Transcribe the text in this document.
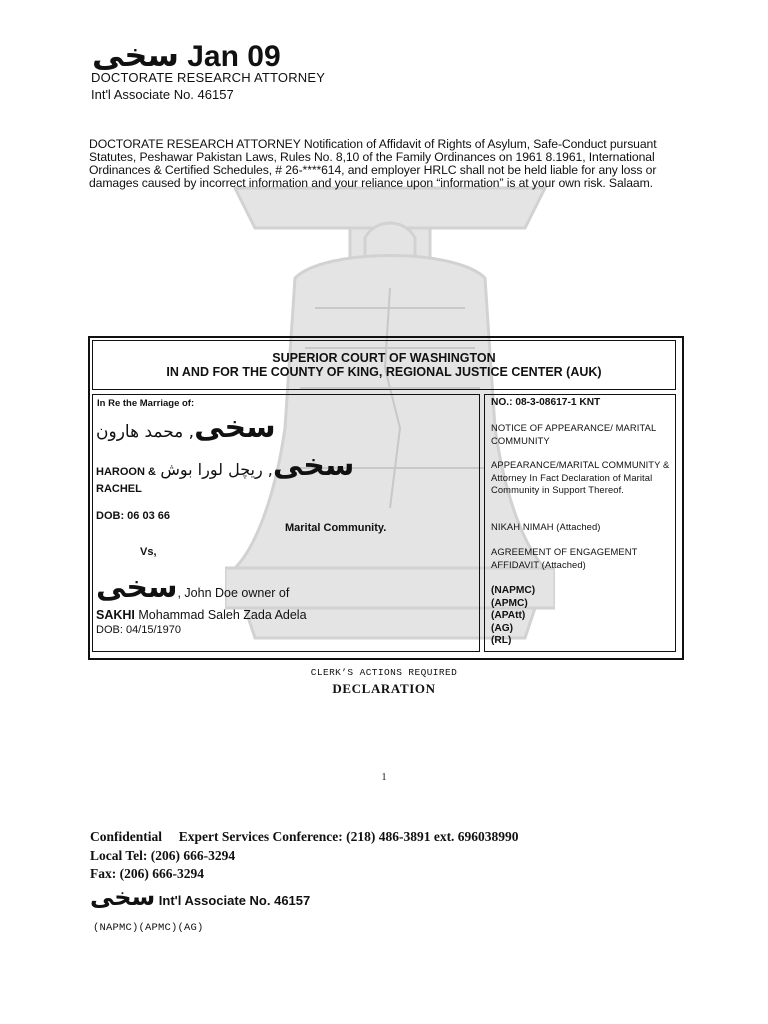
سخی Jan 09
DOCTORATE RESEARCH ATTORNEY
Int'l Associate No. 46157
DOCTORATE RESEARCH ATTORNEY Notification of Affidavit of Rights of Asylum, Safe-Conduct pursuant Statutes, Peshawar Pakistan Laws, Rules No. 8,10 of the Family Ordinances on 1961 8.1961, International Ordinances & Certified Schedules, # 26-****614, and employer HRLC shall not be held liable for any loss or damages caused by incorrect information and your reliance upon “information” is at your own risk. Salaam.
SUPERIOR COURT OF WASHINGTON
IN AND FOR THE COUNTY OF KING, REGIONAL JUSTICE CENTER (AUK)
In Re the Marriage of:
سخی, محمد هارون
HAROON &	سخی, ریچل لورا بوش
RACHEL
DOB: 06 03 66
Marital Community.
Vs,
سخی, John Doe owner of
SAKHI Mohammad Saleh Zada Adela
DOB: 04/15/1970
NO.: 08-3-08617-1 KNT
NOTICE OF APPEARANCE/ MARITAL COMMUNITY
APPEARANCE/MARITAL COMMUNITY & Attorney In Fact Declaration of Marital Community in Support Thereof.
NIKAH NIMAH (Attached)
AGREEMENT OF ENGAGEMENT AFFIDAVIT (Attached)
(NAPMC)
(APMC)
(APAtt)
(AG)
(RL)
CLERK’S ACTIONS REQUIRED
DECLARATION
1
Confidential Expert Services Conference: (218) 486-3891 ext. 696038990
Local Tel: (206) 666-3294
Fax: (206) 666-3294
سخی Int'l Associate No. 46157
(NAPMC)(APMC)(AG)
